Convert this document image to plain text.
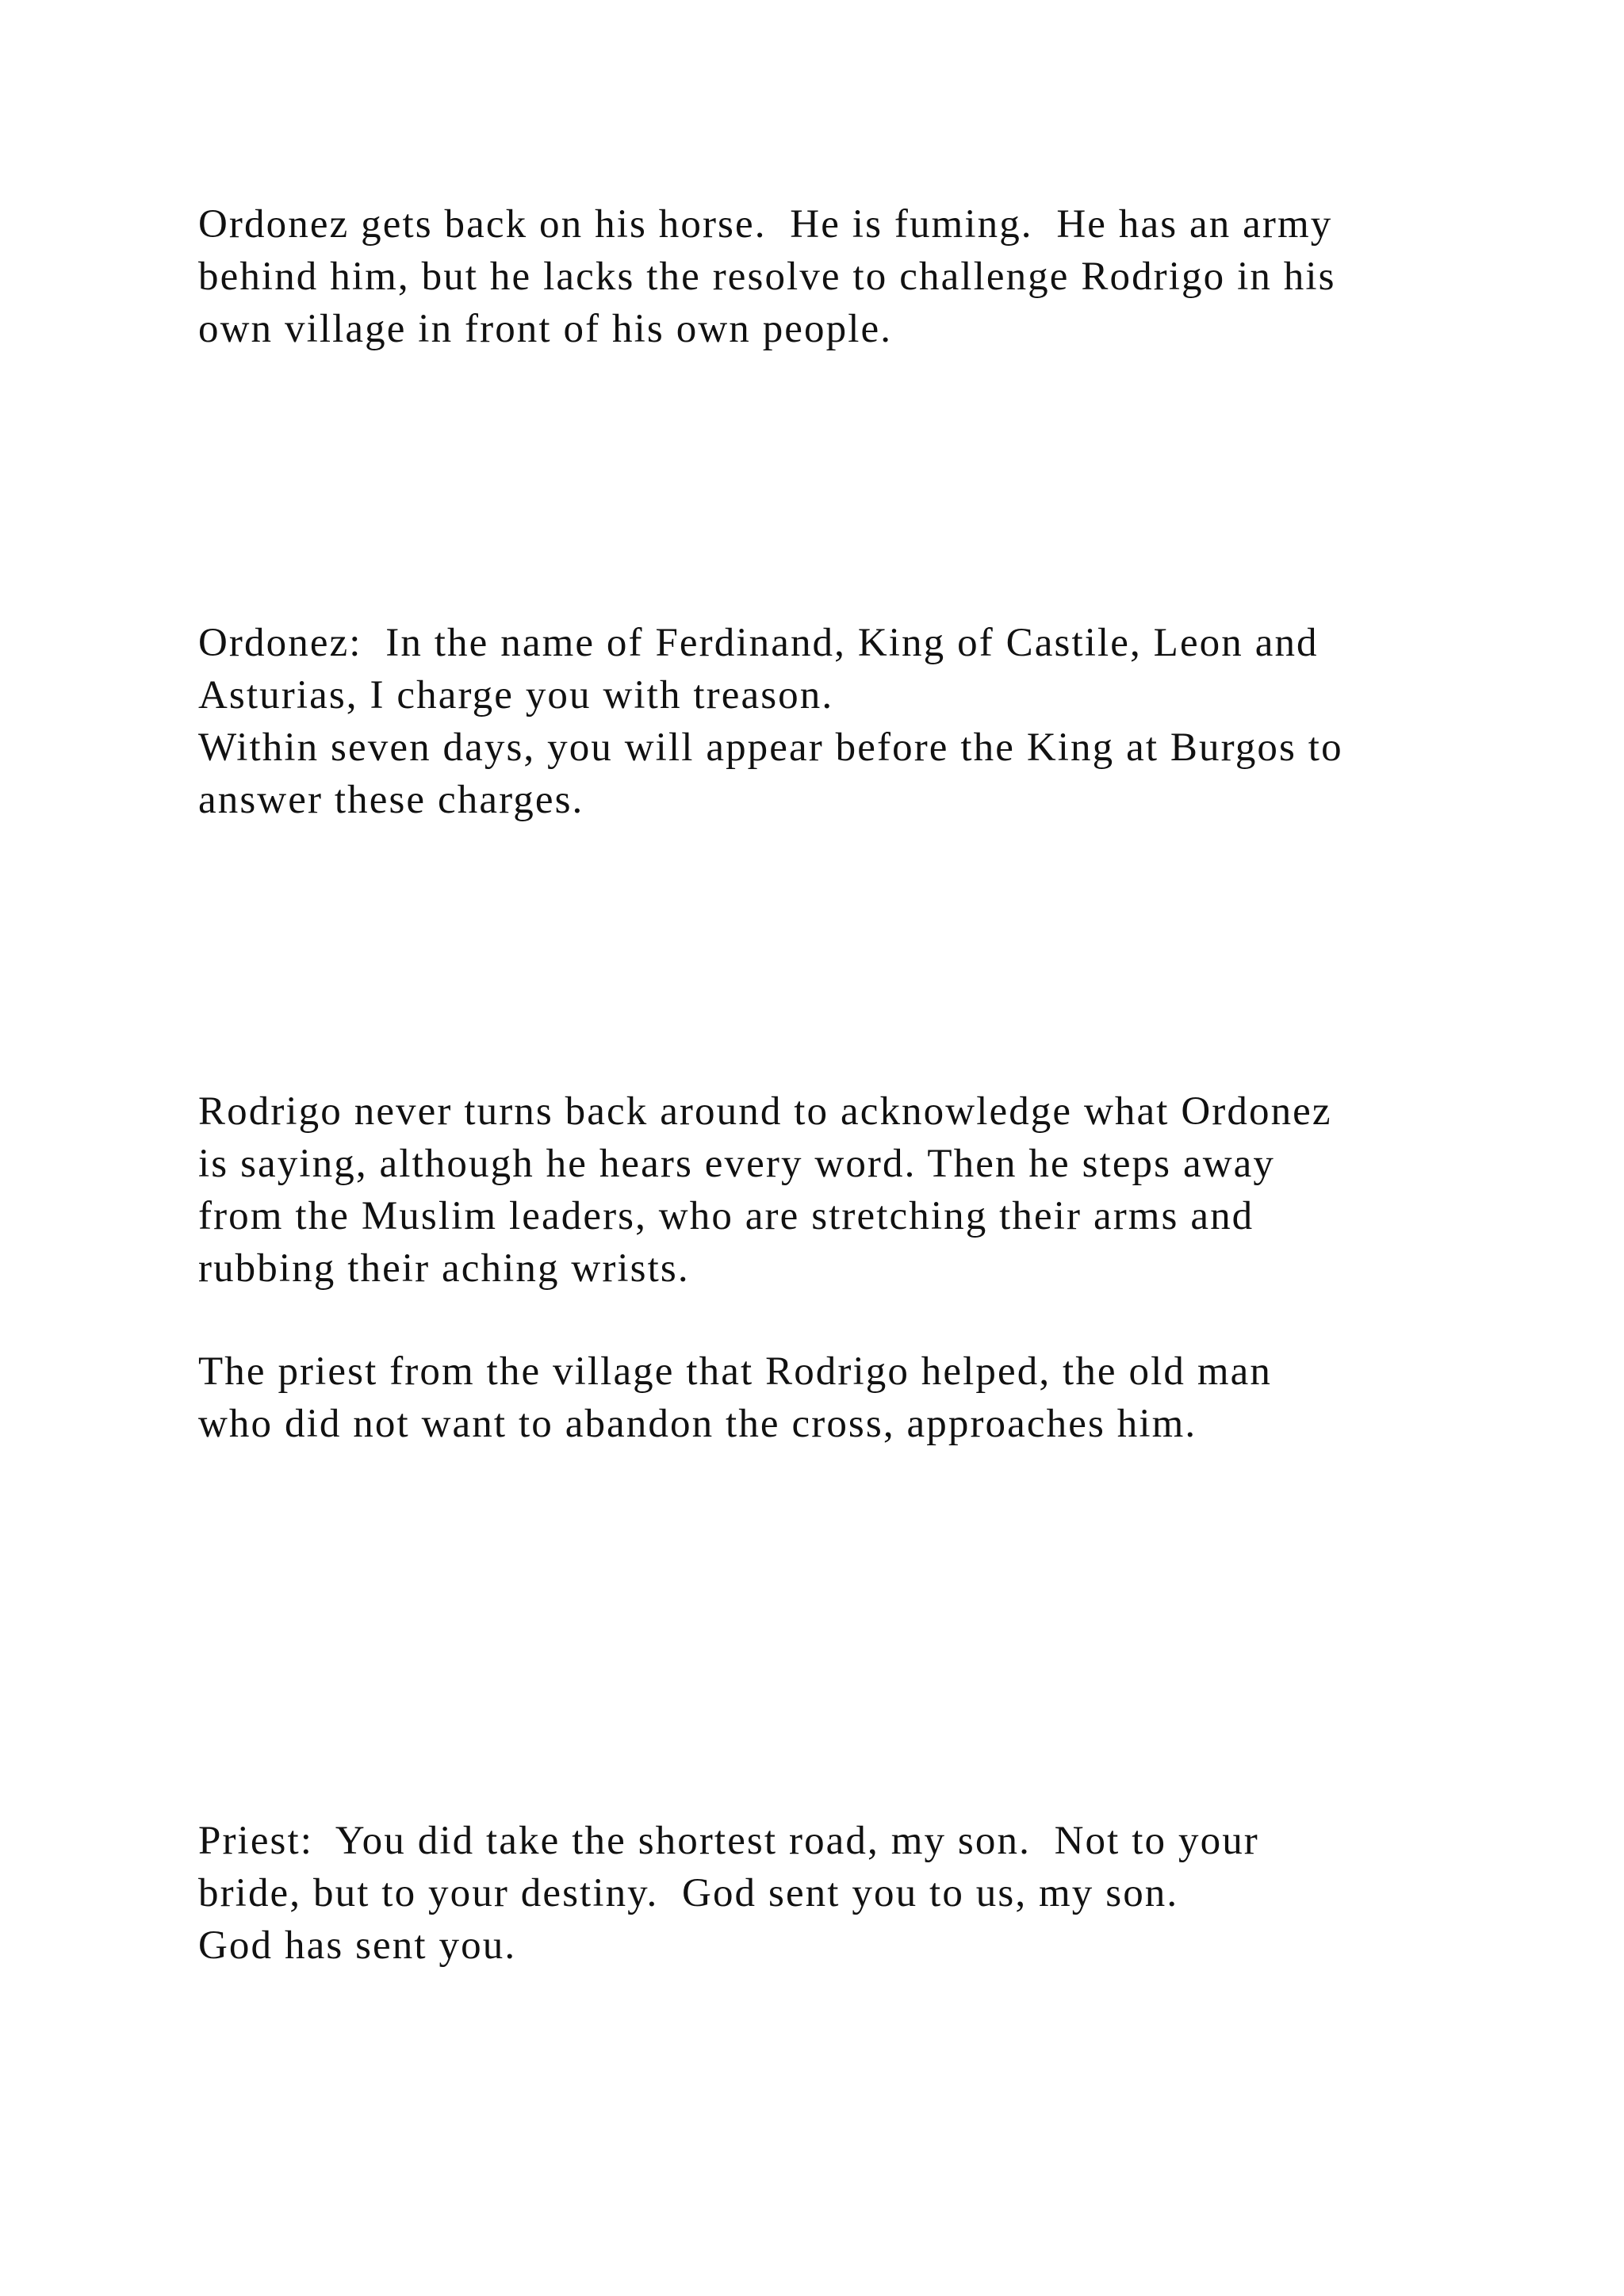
Ordonez gets back on his horse.  He is fuming.  He has an army
behind him, but he lacks the resolve to challenge Rodrigo in his
own village in front of his own people.

Ordonez:  In the name of Ferdinand, King of Castile, Leon and
Asturias, I charge you with treason.
Within seven days, you will appear before the King at Burgos to
answer these charges.

Rodrigo never turns back around to acknowledge what Ordonez
is saying, although he hears every word. Then he steps away
from the Muslim leaders, who are stretching their arms and
rubbing their aching wrists.

The priest from the village that Rodrigo helped, the old man
who did not want to abandon the cross, approaches him.

Priest:  You did take the shortest road, my son.  Not to your
bride, but to your destiny.  God sent you to us, my son.
God has sent you.
